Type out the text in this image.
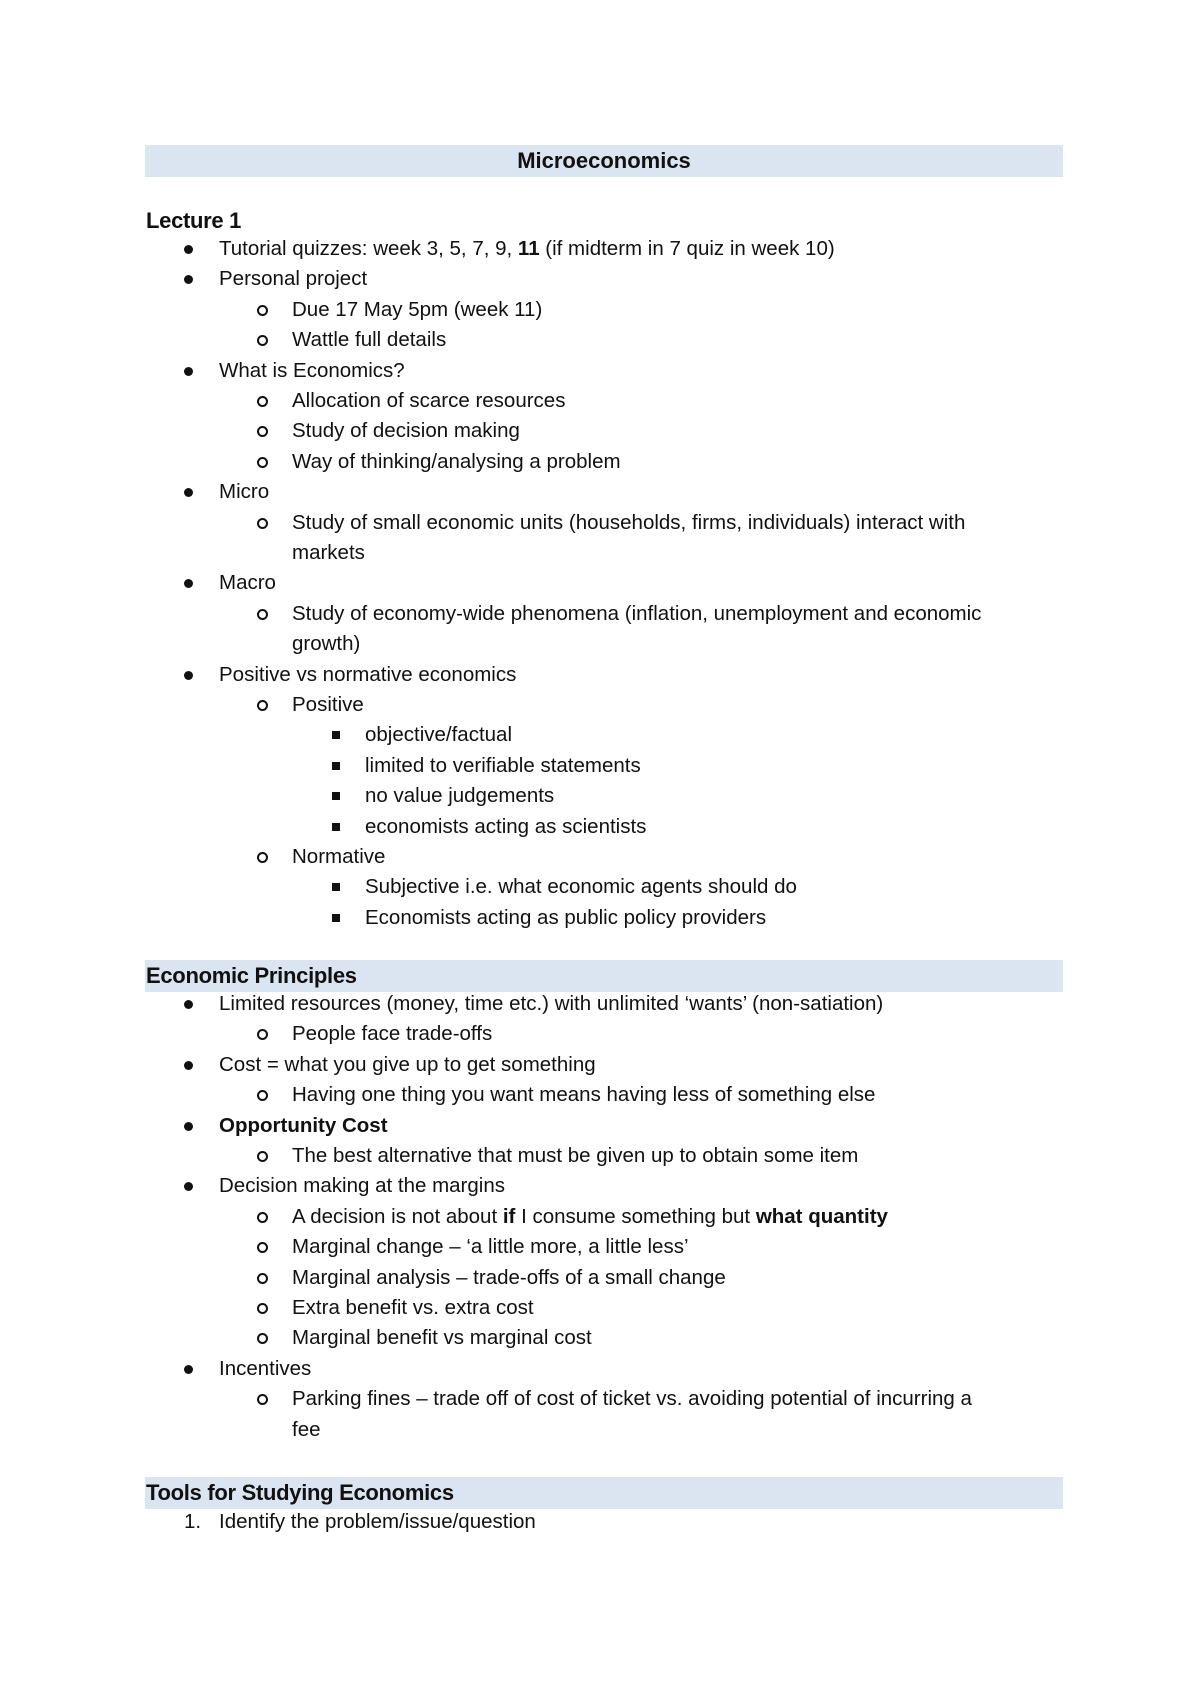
Microeconomics
Lecture 1
Tutorial quizzes: week 3, 5, 7, 9, 11 (if midterm in 7 quiz in week 10)
Personal project
Due 17 May 5pm (week 11)
Wattle full details
What is Economics?
Allocation of scarce resources
Study of decision making
Way of thinking/analysing a problem
Micro
Study of small economic units (households, firms, individuals) interact with
markets
Macro
Study of economy-wide phenomena (inflation, unemployment and economic
growth)
Positive vs normative economics
Positive
objective/factual
limited to verifiable statements
no value judgements
economists acting as scientists
Normative
Subjective i.e. what economic agents should do
Economists acting as public policy providers
Economic Principles
Limited resources (money, time etc.) with unlimited ‘wants’ (non-satiation)
People face trade-offs
Cost = what you give up to get something
Having one thing you want means having less of something else
Opportunity Cost
The best alternative that must be given up to obtain some item
Decision making at the margins
A decision is not about if I consume something but what quantity
Marginal change – ‘a little more, a little less’
Marginal analysis – trade-offs of a small change
Extra benefit vs. extra cost
Marginal benefit vs marginal cost
Incentives
Parking fines – trade off of cost of ticket vs. avoiding potential of incurring a
fee
Tools for Studying Economics
1. Identify the problem/issue/question
